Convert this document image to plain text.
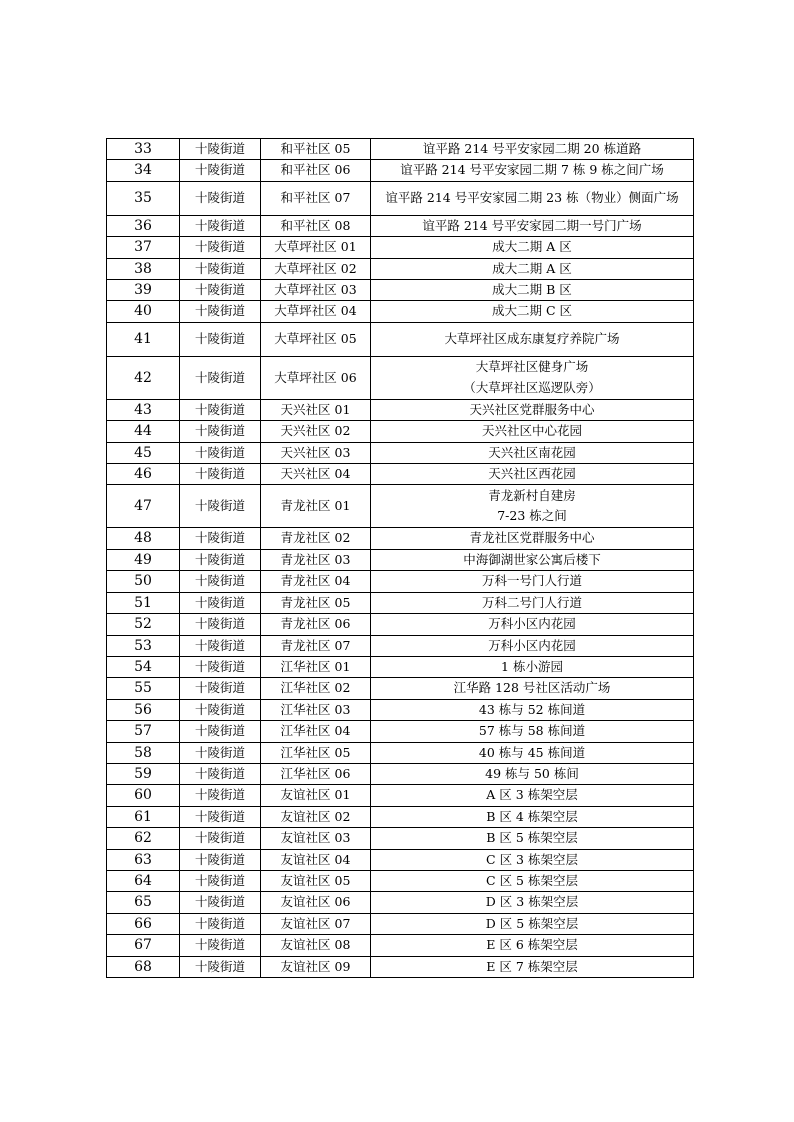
33	十陵街道	和平社区 05	谊平路 214 号平安家园二期 20 栋道路
34	十陵街道	和平社区 06	谊平路 214 号平安家园二期 7 栋 9 栋之间广场
35	十陵街道	和平社区 07	谊平路 214 号平安家园二期 23 栋（物业）侧面广场
36	十陵街道	和平社区 08	谊平路 214 号平安家园二期一号门广场
37	十陵街道	大草坪社区 01	成大二期 A 区
38	十陵街道	大草坪社区 02	成大二期 A 区
39	十陵街道	大草坪社区 03	成大二期 B 区
40	十陵街道	大草坪社区 04	成大二期 C 区
41	十陵街道	大草坪社区 05	大草坪社区成东康复疗养院广场
42	十陵街道	大草坪社区 06	大草坪社区健身广场
（大草坪社区巡逻队旁）

43	十陵街道	天兴社区 01	天兴社区党群服务中心
44	十陵街道	天兴社区 02	天兴社区中心花园
45	十陵街道	天兴社区 03	天兴社区南花园
46	十陵街道	天兴社区 04	天兴社区西花园
47	十陵街道	青龙社区 01	青龙新村自建房
7-23 栋之间

48	十陵街道	青龙社区 02	青龙社区党群服务中心
49	十陵街道	青龙社区 03	中海御湖世家公寓后楼下
50	十陵街道	青龙社区 04	万科一号门人行道
51	十陵街道	青龙社区 05	万科二号门人行道
52	十陵街道	青龙社区 06	万科小区内花园
53	十陵街道	青龙社区 07	万科小区内花园
54	十陵街道	江华社区 01	1 栋小游园
55	十陵街道	江华社区 02	江华路 128 号社区活动广场
56	十陵街道	江华社区 03	43 栋与 52 栋间道
57	十陵街道	江华社区 04	57 栋与 58 栋间道
58	十陵街道	江华社区 05	40 栋与 45 栋间道
59	十陵街道	江华社区 06	49 栋与 50 栋间
60	十陵街道	友谊社区 01	A 区 3 栋架空层
61	十陵街道	友谊社区 02	B 区 4 栋架空层
62	十陵街道	友谊社区 03	B 区 5 栋架空层
63	十陵街道	友谊社区 04	C 区 3 栋架空层
64	十陵街道	友谊社区 05	C 区 5 栋架空层
65	十陵街道	友谊社区 06	D 区 3 栋架空层
66	十陵街道	友谊社区 07	D 区 5 栋架空层
67	十陵街道	友谊社区 08	E 区 6 栋架空层
68	十陵街道	友谊社区 09	E 区 7 栋架空层
